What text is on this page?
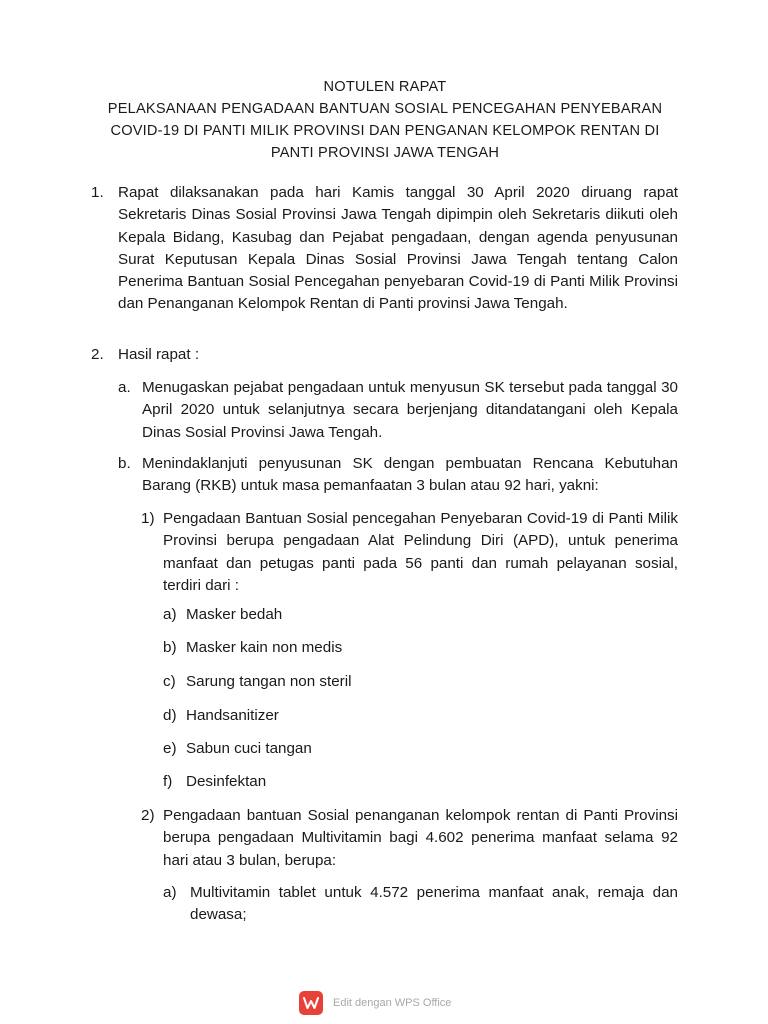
NOTULEN RAPAT
PELAKSANAAN PENGADAAN BANTUAN SOSIAL PENCEGAHAN PENYEBARAN
COVID-19 DI PANTI MILIK PROVINSI DAN PENGANAN KELOMPOK RENTAN DI
PANTI PROVINSI JAWA TENGAH
1. Rapat dilaksanakan pada hari Kamis tanggal 30 April 2020 diruang rapat Sekretaris Dinas Sosial Provinsi Jawa Tengah dipimpin oleh Sekretaris diikuti oleh Kepala Bidang, Kasubag dan Pejabat pengadaan, dengan agenda penyusunan Surat Keputusan Kepala Dinas Sosial Provinsi Jawa Tengah tentang Calon Penerima Bantuan Sosial Pencegahan penyebaran Covid-19 di Panti Milik Provinsi dan Penanganan Kelompok Rentan di Panti provinsi Jawa Tengah.
2. Hasil rapat :
a. Menugaskan pejabat pengadaan untuk menyusun SK tersebut pada tanggal 30 April 2020 untuk selanjutnya secara berjenjang ditandatangani oleh Kepala Dinas Sosial Provinsi Jawa Tengah.
b. Menindaklanjuti penyusunan SK dengan pembuatan Rencana Kebutuhan Barang (RKB) untuk masa pemanfaatan 3 bulan atau 92 hari, yakni:
1) Pengadaan Bantuan Sosial pencegahan Penyebaran Covid-19 di Panti Milik Provinsi berupa pengadaan Alat Pelindung Diri (APD), untuk penerima manfaat dan petugas panti pada 56 panti dan rumah pelayanan sosial, terdiri dari :
a) Masker bedah
b) Masker kain non medis
c) Sarung tangan non steril
d) Handsanitizer
e) Sabun cuci tangan
f) Desinfektan
2) Pengadaan bantuan Sosial penanganan kelompok rentan di Panti Provinsi berupa pengadaan Multivitamin bagi 4.602 penerima manfaat selama 92 hari atau 3 bulan, berupa:
a) Multivitamin tablet untuk 4.572 penerima manfaat anak, remaja dan dewasa;
Edit dengan WPS Office
